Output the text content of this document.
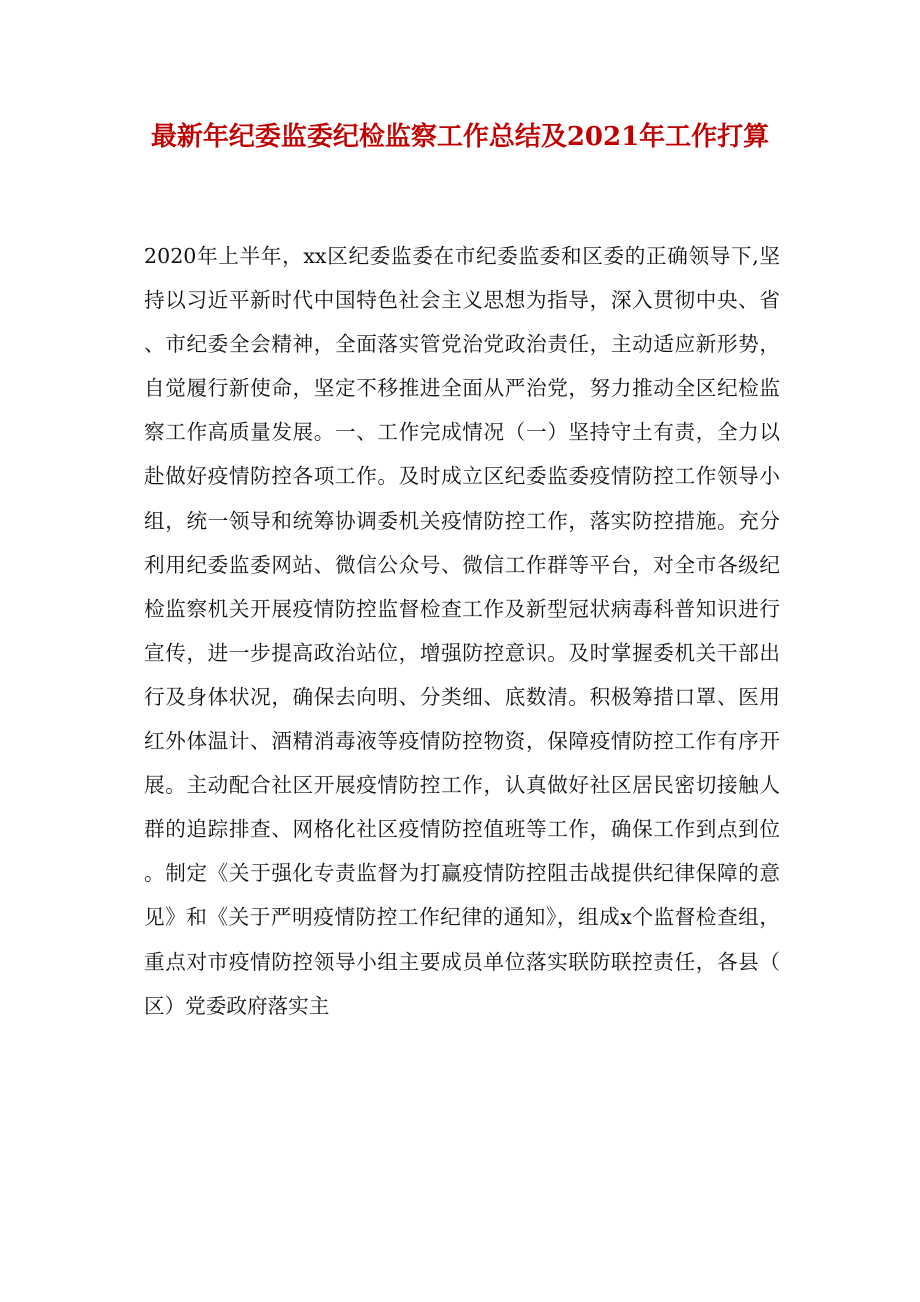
最新年纪委监委纪检监察工作总结及2021年工作打算

2020年上半年，xx区纪委监委在市纪委监委和区委的正确领导下,坚持以习近平新时代中国特色社会主义思想为指导，深入贯彻中央、省、市纪委全会精神，全面落实管党治党政治责任，主动适应新形势，自觉履行新使命，坚定不移推进全面从严治党，努力推动全区纪检监察工作高质量发展。一、工作完成情况（一）坚持守土有责，全力以赴做好疫情防控各项工作。及时成立区纪委监委疫情防控工作领导小组，统一领导和统筹协调委机关疫情防控工作，落实防控措施。充分利用纪委监委网站、微信公众号、微信工作群等平台，对全市各级纪检监察机关开展疫情防控监督检查工作及新型冠状病毒科普知识进行宣传，进一步提高政治站位，增强防控意识。及时掌握委机关干部出行及身体状况，确保去向明、分类细、底数清。积极筹措口罩、医用红外体温计、酒精消毒液等疫情防控物资，保障疫情防控工作有序开展。主动配合社区开展疫情防控工作，认真做好社区居民密切接触人群的追踪排查、网格化社区疫情防控值班等工作，确保工作到点到位。制定《关于强化专责监督为打赢疫情防控阻击战提供纪律保障的意见》和《关于严明疫情防控工作纪律的通知》，组成x个监督检查组，重点对市疫情防控领导小组主要成员单位落实联防联控责任，各县（区）党委政府落实主
